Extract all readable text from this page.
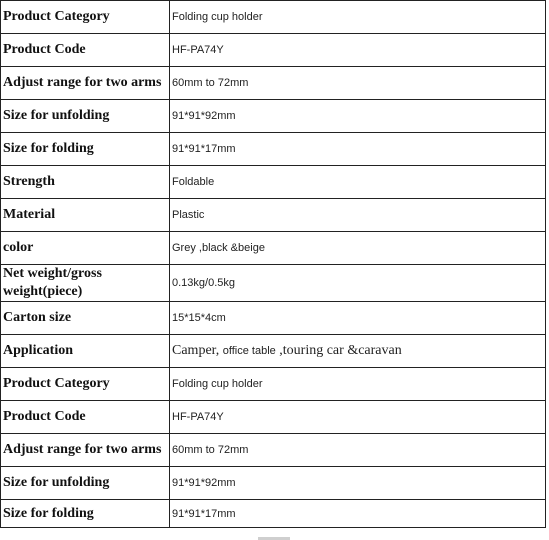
Product Category	Folding cup holder
Product Code	HF-PA74Y
Adjust range for two arms	60mm to 72mm
Size for unfolding	91*91*92mm
Size for folding	91*91*17mm
Strength	Foldable
Material	Plastic
color	Grey ,black &beige
Net weight/gross weight(piece)	0.13kg/0.5kg
Carton size	15*15*4cm
Application	Camper, office table ,touring car &caravan
Product Category	Folding cup holder
Product Code	HF-PA74Y
Adjust range for two arms	60mm to 72mm
Size for unfolding	91*91*92mm
Size for folding	91*91*17mm
